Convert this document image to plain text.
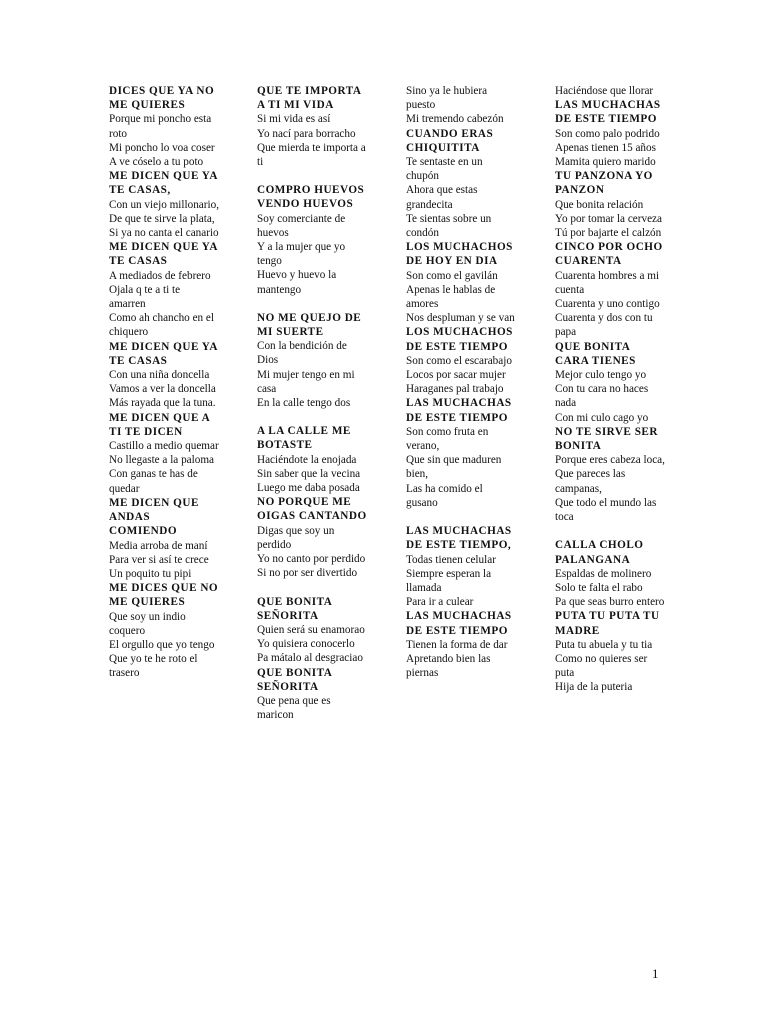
DICES QUE YA NO ME QUIERES
Porque mi poncho esta roto
Mi poncho lo voa coser
A ve cóselo a tu poto
ME DICEN QUE YA TE CASAS,
Con un viejo millonario,
De que te sirve la plata,
Si ya no canta el canario
ME DICEN QUE YA TE CASAS
A mediados de febrero
Ojala q te a ti te amarren
Como ah chancho en el chiquero
ME DICEN QUE YA TE CASAS
Con una niña doncella
Vamos a ver la doncella
Más rayada que la tuna.
ME DICEN QUE A TI TE DICEN
Castillo a medio quemar
No llegaste a la paloma
Con ganas te has de quedar
ME DICEN QUE ANDAS COMIENDO
Media arroba de maní
Para ver si así te crece
Un poquito tu pipi
ME DICES QUE NO ME QUIERES
Que soy un indio coquero
El orgullo que yo tengo
Que yo te he roto el trasero
QUE TE IMPORTA A TI MI VIDA
Si mi vida es así
Yo nací para borracho
Que mierda te importa a ti
COMPRO HUEVOS VENDO HUEVOS
Soy comerciante de huevos
Y a la mujer que yo tengo
Huevo y huevo la mantengo
NO ME QUEJO DE MI SUERTE
Con la bendición de Dios
Mi mujer tengo en mi casa
En la calle tengo dos
A LA CALLE ME BOTASTE
Haciéndote la enojada
Sin saber que la vecina
Luego me daba posada
NO PORQUE ME OIGAS CANTANDO
Digas que soy un perdido
Yo no canto por perdido
Si no por ser divertido
QUE BONITA SEÑORITA
Quien será su enamorao
Yo quisiera conocerlo
Pa mátalo al desgraciao
QUE BONITA SEÑORITA
Que pena que es maricon
Sino ya le hubiera puesto
Mi tremendo cabezón
CUANDO ERAS CHIQUITITA
Te sentaste en un chupón
Ahora que estas grandecita
Te sientas sobre un condón
LOS MUCHACHOS DE HOY EN DIA
Son como el gavilán
Apenas le hablas de amores
Nos despluman y se van
LOS MUCHACHOS DE ESTE TIEMPO
Son como el escarabajo
Locos por sacar mujer
Haraganes pal trabajo
LAS MUCHACHAS DE ESTE TIEMPO
Son como fruta en verano,
Que sin que maduren bien,
Las ha comido el gusano
LAS MUCHACHAS DE ESTE TIEMPO,
Todas tienen celular
Siempre esperan la llamada
Para ir a culear
LAS MUCHACHAS DE ESTE TIEMPO
Tienen la forma de dar
Apretando bien las piernas
Haciéndose que llorar
LAS MUCHACHAS DE ESTE TIEMPO
Son como palo podrido
Apenas tienen 15 años
Mamita quiero marido
TU PANZONA YO PANZON
Que bonita relación
Yo por tomar la cerveza
Tú por bajarte el calzón
CINCO POR OCHO CUARENTA
Cuarenta hombres a mi cuenta
Cuarenta y uno contigo
Cuarenta y dos con tu papa
QUE BONITA CARA TIENES
Mejor culo tengo yo
Con tu cara no haces nada
Con mi culo cago yo
NO TE SIRVE SER BONITA
Porque eres cabeza loca,
Que pareces las campanas,
Que todo el mundo las toca
CALLA CHOLO PALANGANA
Espaldas de molinero
Solo te falta el rabo
Pa que seas burro entero
PUTA TU PUTA TU MADRE
Puta tu abuela y tu tia
Como no quieres ser puta
Hija de la puteria
1
